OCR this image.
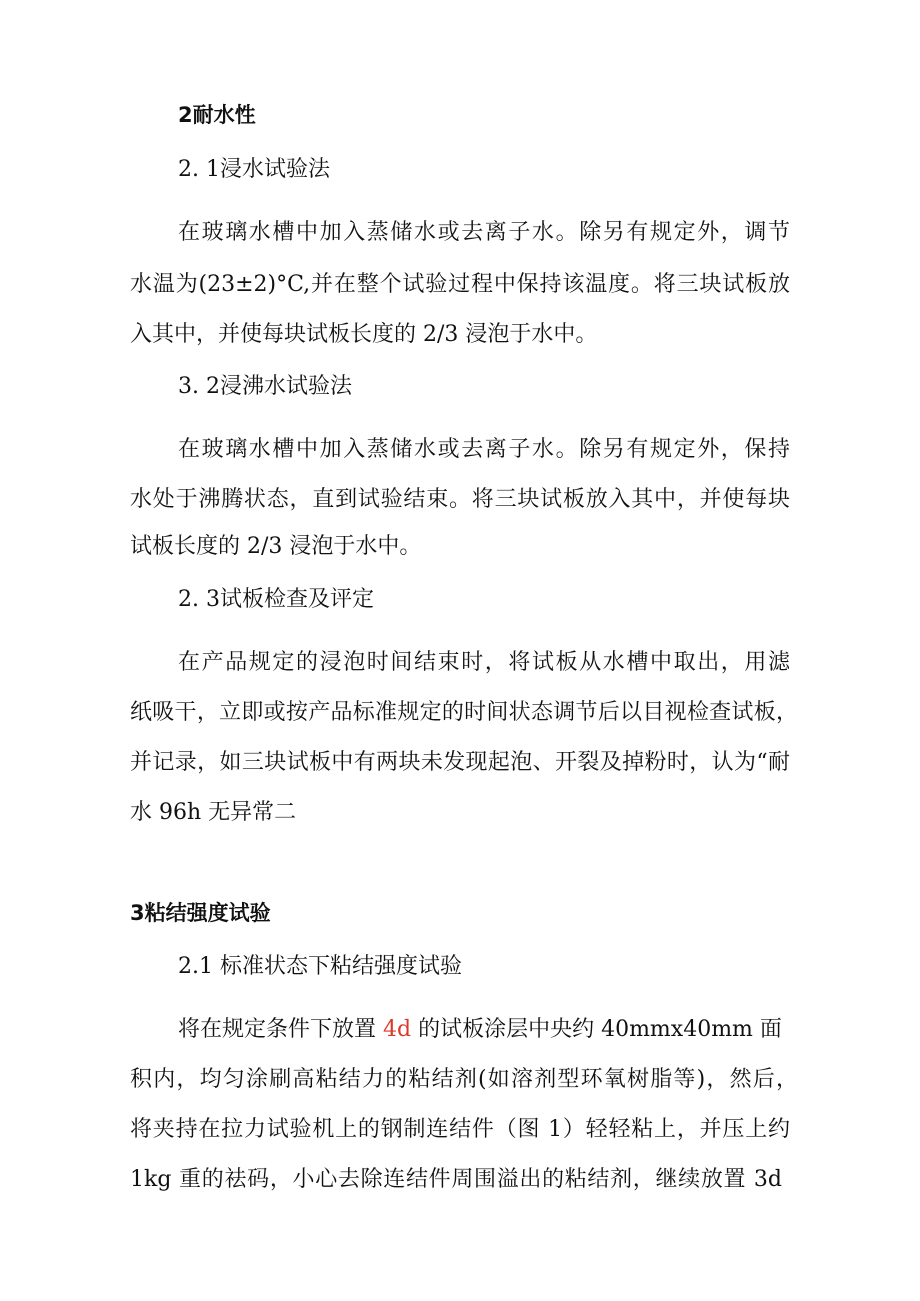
2耐水性
2. 1浸水试验法
在玻璃水槽中加入蒸储水或去离子水。除另有规定外，调节
水温为(23±2)°C,并在整个试验过程中保持该温度。将三块试板放
入其中，并使每块试板长度的 2/3 浸泡于水中。
3. 2浸沸水试验法
在玻璃水槽中加入蒸储水或去离子水。除另有规定外，保持
水处于沸腾状态，直到试验结束。将三块试板放入其中，并使每块
试板长度的 2/3 浸泡于水中。
2. 3试板检查及评定
在产品规定的浸泡时间结束时，将试板从水槽中取出，用滤
纸吸干，立即或按产品标准规定的时间状态调节后以目视检查试板，
并记录，如三块试板中有两块未发现起泡、开裂及掉粉时，认为“耐
水 96h 无异常二
3粘结强度试验
2.1 标准状态下粘结强度试验
将在规定条件下放置 4d 的试板涂层中央约 40mmx40mm 面
积内，均匀涂刷高粘结力的粘结剂(如溶剂型环氧树脂等)，然后，
将夹持在拉力试验机上的钢制连结件（图 1）轻轻粘上，并压上约
1kg 重的祛码，小心去除连结件周围溢出的粘结剂，继续放置 3d
